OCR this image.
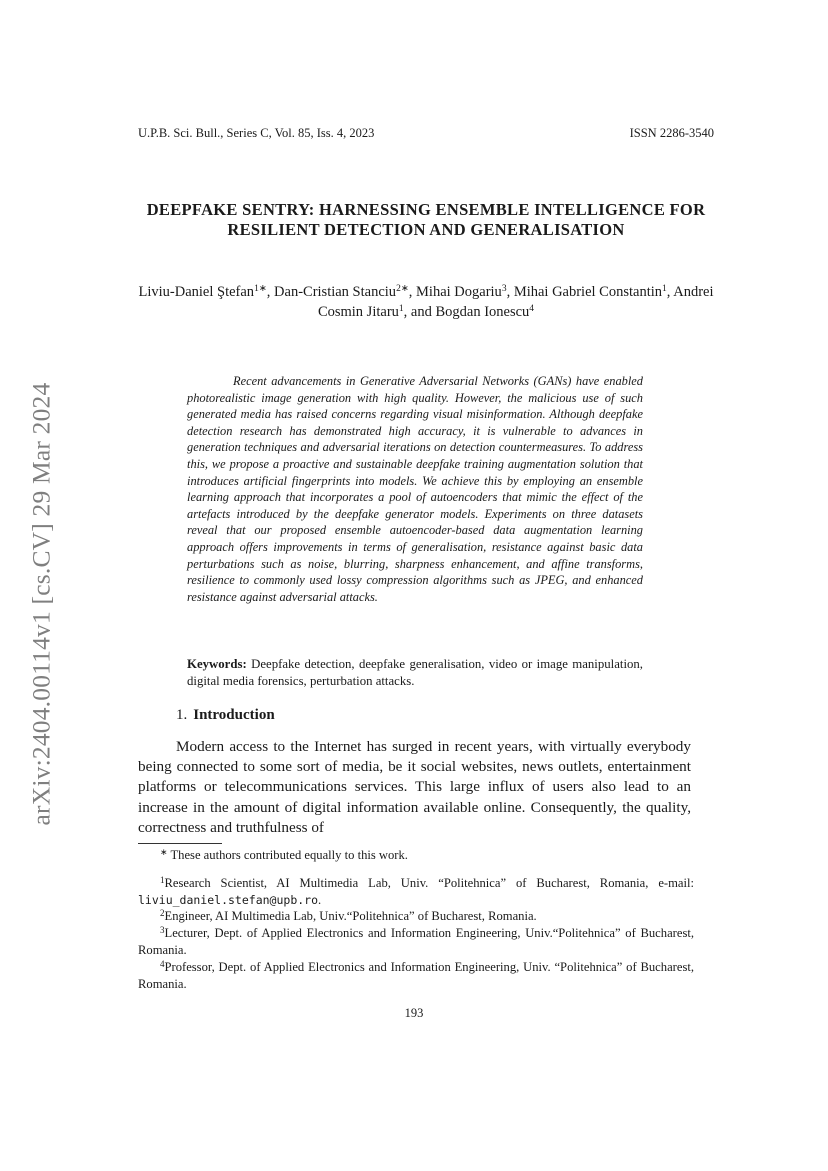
U.P.B. Sci. Bull., Series C, Vol. 85, Iss. 4, 2023	ISSN 2286-3540
arXiv:2404.00114v1 [cs.CV] 29 Mar 2024
DEEPFAKE SENTRY: HARNESSING ENSEMBLE INTELLIGENCE FOR RESILIENT DETECTION AND GENERALISATION
Liviu-Daniel Ştefan$^{1∗}$, Dan-Cristian Stanciu$^{2∗}$, Mihai Dogariu$^3$, Mihai Gabriel Constantin$^1$, Andrei Cosmin Jitaru$^1$, and Bogdan Ionescu$^4$
Recent advancements in Generative Adversarial Networks (GANs) have enabled photorealistic image generation with high quality. However, the malicious use of such generated media has raised concerns regarding visual misinformation. Although deepfake detection research has demonstrated high accuracy, it is vulnerable to advances in generation techniques and adversarial iterations on detection countermeasures. To address this, we propose a proactive and sustainable deepfake training augmentation solution that introduces artificial fingerprints into models. We achieve this by employing an ensemble learning approach that incorporates a pool of autoencoders that mimic the effect of the artefacts introduced by the deepfake generator models. Experiments on three datasets reveal that our proposed ensemble autoencoder-based data augmentation learning approach offers improvements in terms of generalisation, resistance against basic data perturbations such as noise, blurring, sharpness enhancement, and affine transforms, resilience to commonly used lossy compression algorithms such as JPEG, and enhanced resistance against adversarial attacks.
Keywords: Deepfake detection, deepfake generalisation, video or image manipulation, digital media forensics, perturbation attacks.
1. Introduction
Modern access to the Internet has surged in recent years, with virtually everybody being connected to some sort of media, be it social websites, news outlets, entertainment platforms or telecommunications services. This large influx of users also lead to an increase in the amount of digital information available online. Consequently, the quality, correctness and truthfulness of

∗ These authors contributed equally to this work.

$^1$Research Scientist, AI Multimedia Lab, Univ. “Politehnica” of Bucharest, Romania, e-mail: liviu_daniel.stefan@upb.ro.

$^2$Engineer, AI Multimedia Lab, Univ.“Politehnica” of Bucharest, Romania.

$^3$Lecturer, Dept. of Applied Electronics and Information Engineering, Univ.“Politehnica” of Bucharest, Romania.

$^4$Professor, Dept. of Applied Electronics and Information Engineering, Univ. “Politehnica” of Bucharest, Romania.

193
